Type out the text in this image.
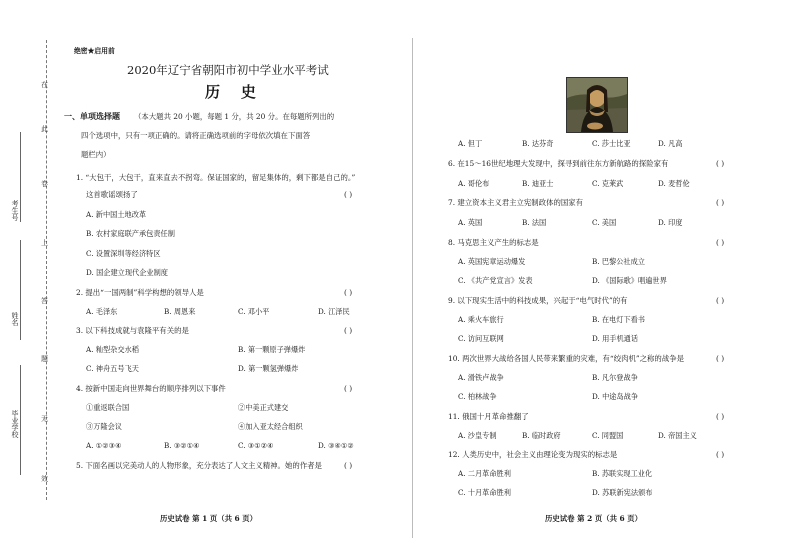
在
此
卷
上
答
题
无
效
考生号
姓名
毕业学校
绝密★启用前
2020年辽宁省朝阳市初中学业水平考试
历    史
一、单项选择题 （本大题共 20 小题，每题 1 分，共 20 分。在每题所列出的
四个选项中，只有一项正确的。请将正确选项前的字母依次填在下面答
题栏内）
1. “大包干，大包干，直来直去不拐弯。保证国家的，留足集体的，剩下都是自己的。”
这首歌谣颂扬了	( )
A. 新中国土地改革
B. 农村家庭联产承包责任制
C. 设置深圳等经济特区
D. 国企建立现代企业制度
2. 提出“一国两制”科学构想的领导人是	( )
A. 毛泽东	B. 周恩来	C. 邓小平	D. 江泽民
3. 以下科技成就与袁隆平有关的是	( )
A. 籼型杂交水稻	B. 第一颗原子弹爆炸
C. 神舟五号飞天	D. 第一颗氢弹爆炸
4. 按新中国走向世界舞台的顺序排列以下事件	( )
①重返联合国	②中美正式建交
③万隆会议	④加入亚太经合组织
A. ①②③④	B. ③②①④	C. ③①②④	D. ③④①②
5. 下面名画以完美动人的人物形象，充分表达了人文主义精神。她的作者是	( )
历史试卷 第 1 页（共 6 页）
A. 但丁	B. 达芬奇	C. 莎士比亚	D. 凡高
6. 在15～16世纪地理大发现中，探寻到前往东方新航路的探险家有	( )
A. 哥伦布	B. 迪亚士	C. 克莱武	D. 麦哲伦
7. 建立资本主义君主立宪制政体的国家有	( )
A. 英国	B. 法国	C. 美国	D. 印度
8. 马克思主义产生的标志是	( )
A. 英国宪章运动爆发	B. 巴黎公社成立
C. 《共产党宣言》发表	D. 《国际歌》唱遍世界
9. 以下现实生活中的科技成果，兴起于“电气时代”的有	( )
A. 乘火车旅行	B. 在电灯下看书
C. 访问互联网	D. 用手机通话
10. 两次世界大战给各国人民带来繁重的灾难，有“绞肉机”之称的战争是	( )
A. 滑铁卢战争	B. 凡尔登战争
C. 柏林战争	D. 中途岛战争
11. 俄国十月革命推翻了	( )
A. 沙皇专制	B. 临时政府	C. 同盟国	D. 帝国主义
12. 人类历史中，社会主义由理论变为现实的标志是	( )
A. 二月革命胜利	B. 苏联实现工业化
C. 十月革命胜利	D. 苏联新宪法颁布
历史试卷 第 2 页（共 6 页）
